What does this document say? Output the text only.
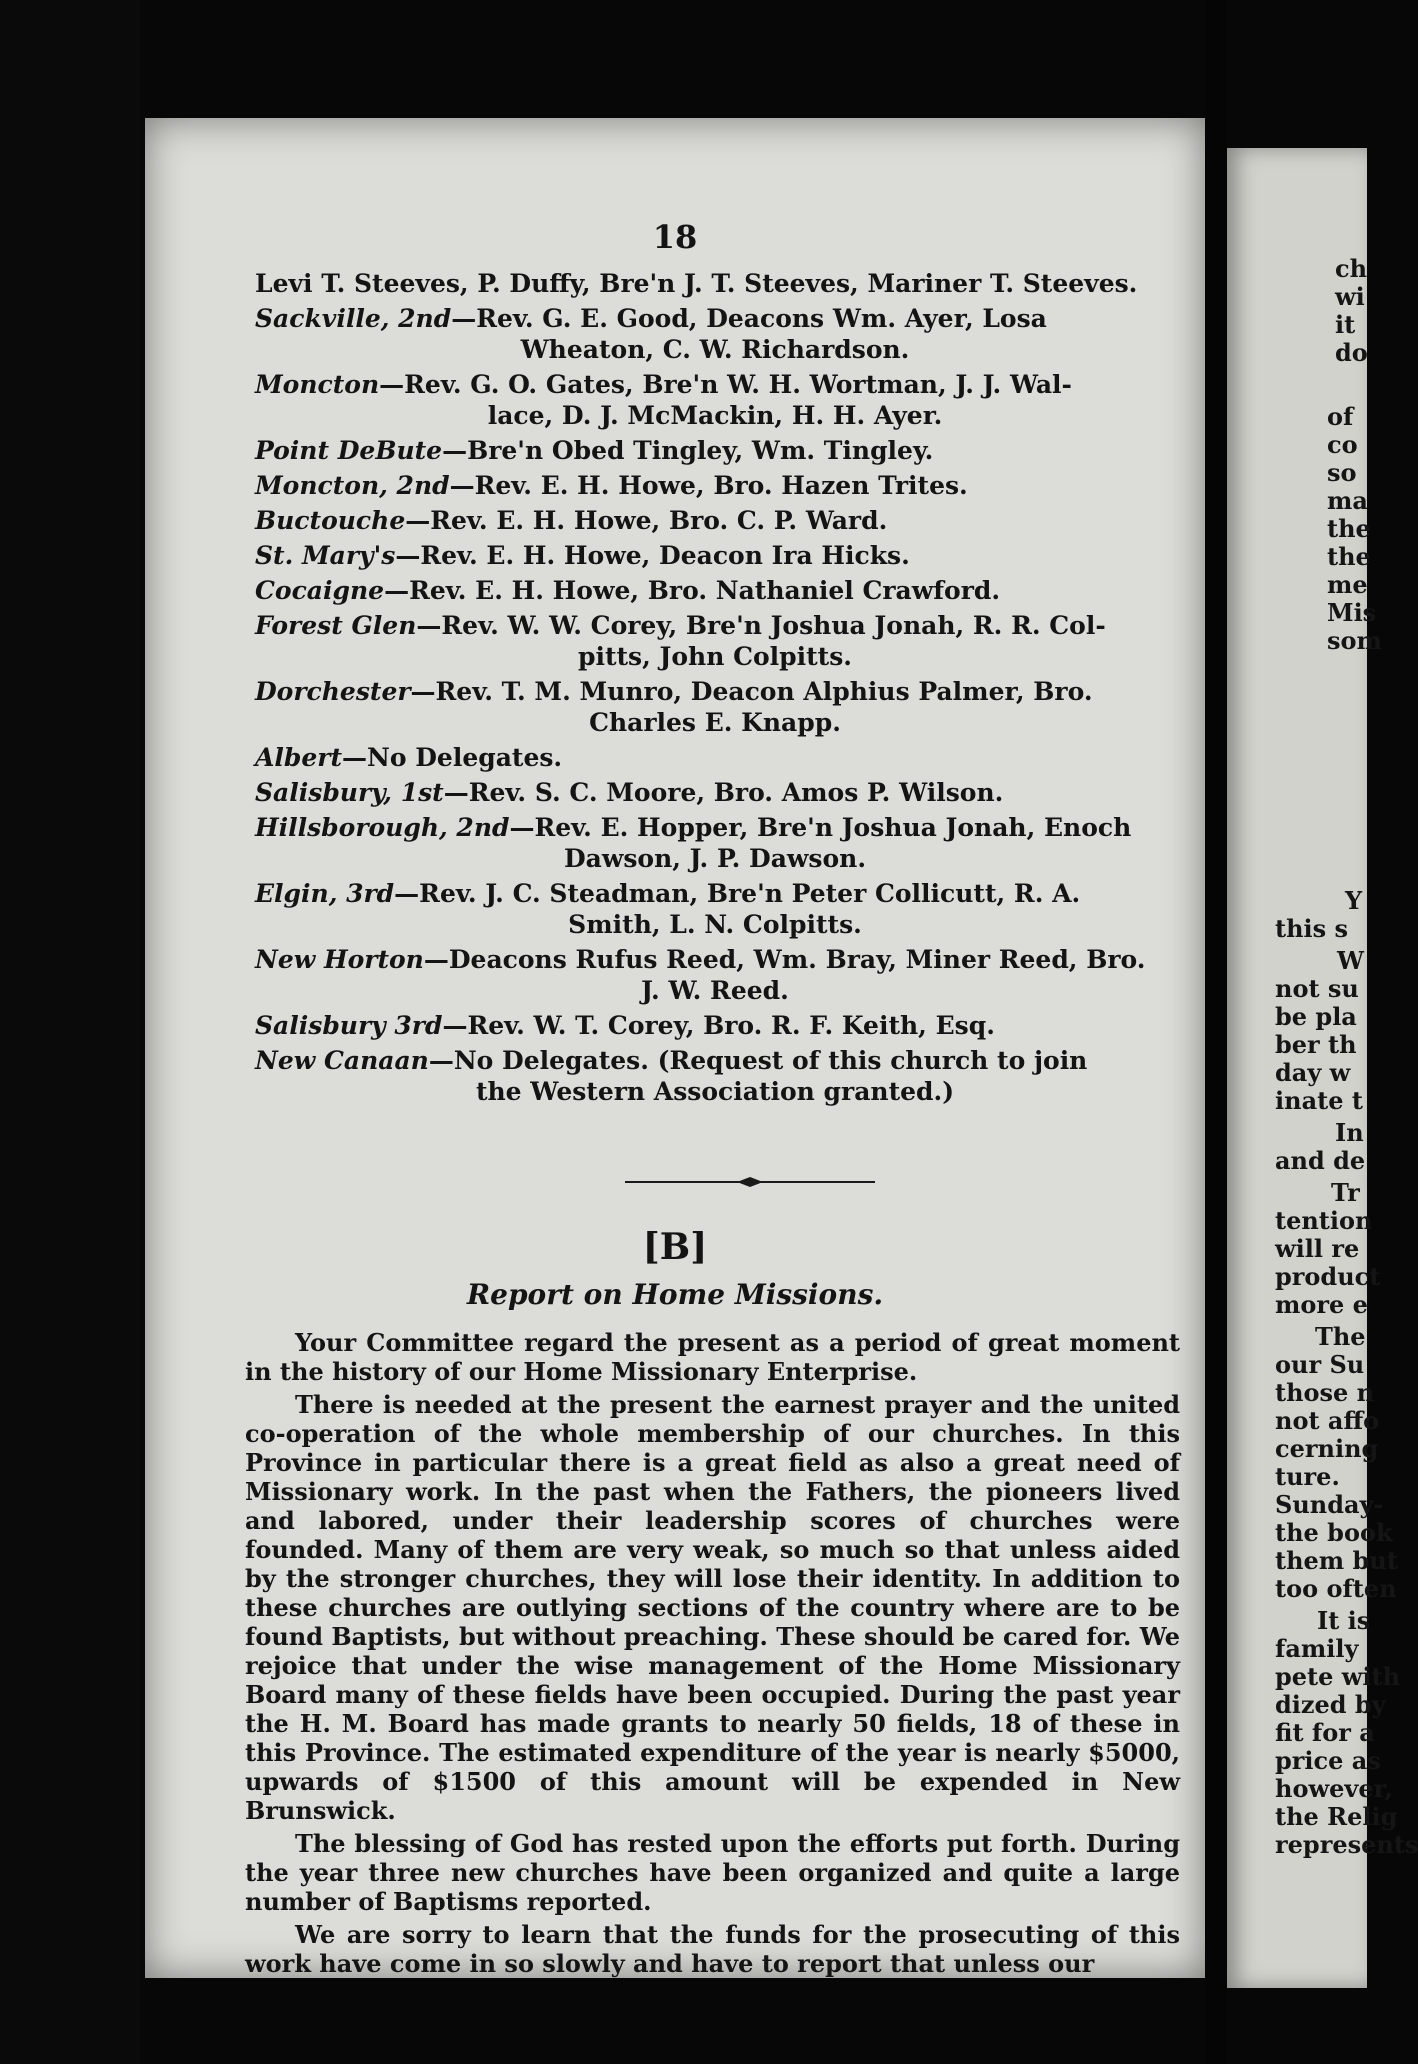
18
Levi T. Steeves, P. Duffy, Bre'n J. T. Steeves, Mariner T. Steeves.
Sackville, 2nd—Rev. G. E. Good, Deacons Wm. Ayer, Losa
Wheaton, C. W. Richardson.
Moncton—Rev. G. O. Gates, Bre'n W. H. Wortman, J. J. Wal-
lace, D. J. McMackin, H. H. Ayer.
Point DeBute—Bre'n Obed Tingley, Wm. Tingley.
Moncton, 2nd—Rev. E. H. Howe, Bro. Hazen Trites.
Buctouche—Rev. E. H. Howe, Bro. C. P. Ward.
St. Mary's—Rev. E. H. Howe, Deacon Ira Hicks.
Cocaigne—Rev. E. H. Howe, Bro. Nathaniel Crawford.
Forest Glen—Rev. W. W. Corey, Bre'n Joshua Jonah, R. R. Col-
pitts, John Colpitts.
Dorchester—Rev. T. M. Munro, Deacon Alphius Palmer, Bro.
Charles E. Knapp.
Albert—No Delegates.
Salisbury, 1st—Rev. S. C. Moore, Bro. Amos P. Wilson.
Hillsborough, 2nd—Rev. E. Hopper, Bre'n Joshua Jonah, Enoch
Dawson, J. P. Dawson.
Elgin, 3rd—Rev. J. C. Steadman, Bre'n Peter Collicutt, R. A.
Smith, L. N. Colpitts.
New Horton—Deacons Rufus Reed, Wm. Bray, Miner Reed, Bro.
J. W. Reed.
Salisbury 3rd—Rev. W. T. Corey, Bro. R. F. Keith, Esq.
New Canaan—No Delegates. (Request of this church to join
the Western Association granted.)
[B]
Report on Home Missions.

Your Committee regard the present as a period of great moment in the history of our Home Missionary Enterprise.

There is needed at the present the earnest prayer and the united co-operation of the whole membership of our churches. In this Province in particular there is a great field as also a great need of Missionary work. In the past when the Fathers, the pioneers lived and labored, under their leadership scores of churches were founded. Many of them are very weak, so much so that unless aided by the stronger churches, they will lose their identity. In addition to these churches are outlying sections of the country where are to be found Baptists, but without preaching. These should be cared for. We rejoice that under the wise management of the Home Missionary Board many of these fields have been occupied. During the past year the H. M. Board has made grants to nearly 50 fields, 18 of these in this Province. The estimated expenditure of the year is nearly $5000, upwards of $1500 of this amount will be expended in New Brunswick.

The blessing of God has rested upon the efforts put forth. During the year three new churches have been organized and quite a large number of Baptisms reported.

We are sorry to learn that the funds for the prosecuting of this work have come in so slowly and have to report that unless our

ch
wi
it
do
of
co
so
ma
the
the
me
Mis
som
Y
this s
W
not su
be pla
ber th
day w
inate t
In
and de
Tr
tention
will re
product
more e
The
our Su
those n
not affo
cerning
ture.
Sunday-
the book
them but
too often
It is
family
pete with
dized by
fit for a
price as
however,
the Relig
represents
